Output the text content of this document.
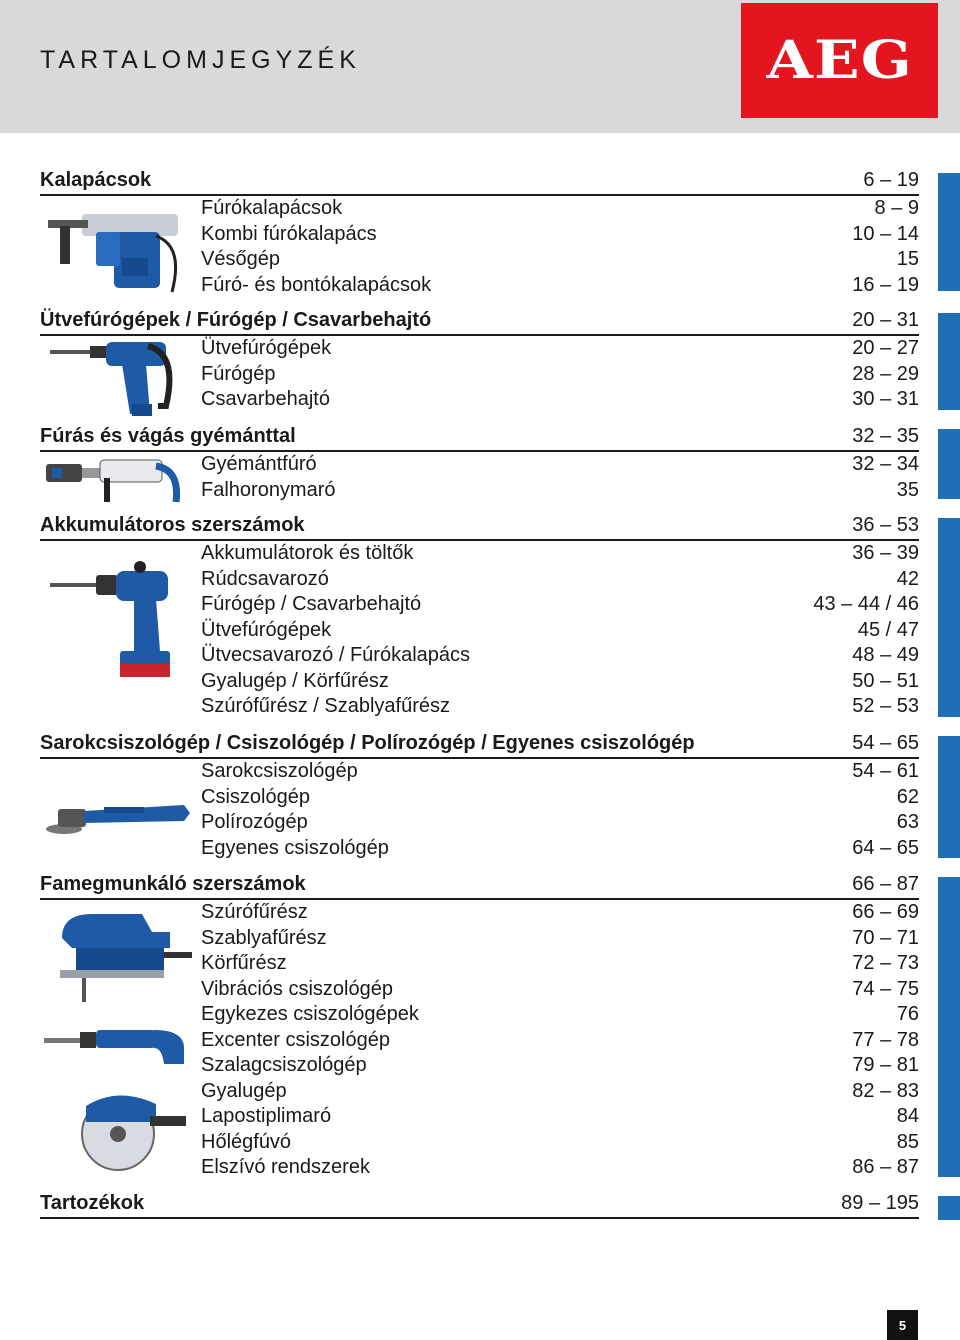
TARTALOMJEGYZÉK	AEG
Kalapácsok	6 – 19
Fúrókalapácsok	8 – 9
Kombi fúrókalapács	10 – 14
Vésőgép	15
Fúró- és bontókalapácsok	16 – 19
Ütvefúrógépek / Fúrógép / Csavarbehajtó	20 – 31
Ütvefúrógépek	20 – 27
Fúrógép	28 – 29
Csavarbehajtó	30 – 31
Fúrás és vágás gyémánttal	32 – 35
Gyémántfúró	32 – 34
Falhoronymaró	35
Akkumulátoros szerszámok	36 – 53
Akkumulátorok és töltők	36 – 39
Rúdcsavarozó	42
Fúrógép / Csavarbehajtó	43 – 44 / 46
Ütvefúrógépek	45 / 47
Ütvecsavarozó / Fúrókalapács	48 – 49
Gyalugép / Körfűrész	50 – 51
Szúrófűrész / Szablyafűrész	52 – 53
Sarokcsiszológép / Csiszológép / Polírozógép / Egyenes csiszológép	54 – 65
Sarokcsiszológép	54 – 61
Csiszológép	62
Polírozógép	63
Egyenes csiszológép	64 – 65
Famegmunkáló szerszámok	66 – 87
Szúrófűrész	66 – 69
Szablyafűrész	70 – 71
Körfűrész	72 – 73
Vibrációs csiszológép	74 – 75
Egykezes csiszológépek	76
Excenter csiszológép	77 – 78
Szalagcsiszológép	79 – 81
Gyalugép	82 – 83
Lapostiplimaró	84
Hőlégfúvó	85
Elszívó rendszerek	86 – 87
Tartozékok	89 – 195
5
